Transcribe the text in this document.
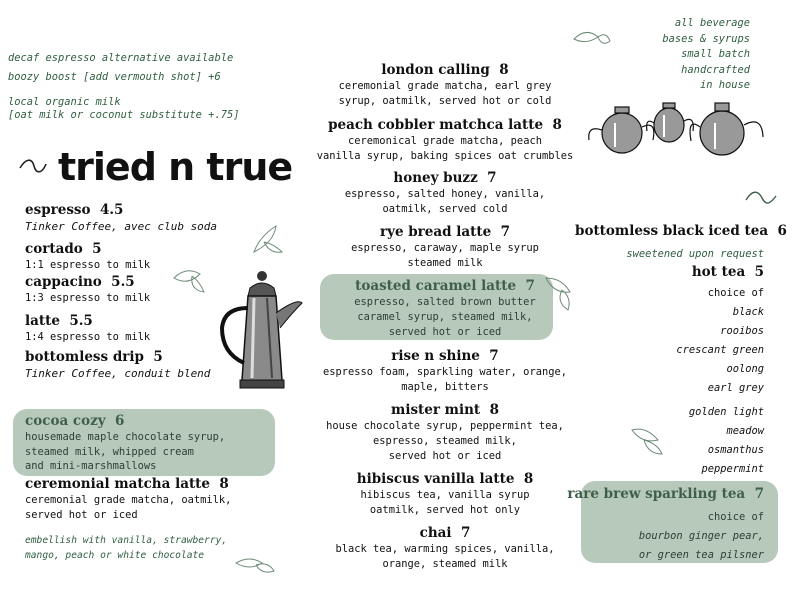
decaf espresso alternative available
boozy boost [add vermouth shot] +6
local organic milk
[oat milk or coconut substitute +.75]
all beverage
bases & syrups
small batch
handcrafted
in house
tried n true
espresso 4.5
Tinker Coffee, avec club soda
cortado 5
1:1 espresso to milk
cappacino 5.5
1:3 espresso to milk
latte 5.5
1:4 espresso to milk
bottomless drip 5
Tinker Coffee, conduit blend
cocoa cozy 6
housemade maple chocolate syrup,
steamed milk, whipped cream
and mini-marshmallows
ceremonial matcha latte 8
ceremonial grade matcha, oatmilk,
served hot or iced
embellish with vanilla, strawberry,
mango, peach or white chocolate
london calling 8
ceremonial grade matcha, earl grey
syrup, oatmilk, served hot or cold
peach cobbler matchca latte 8
ceremonical grade matcha, peach
vanilla syrup, baking spices oat crumbles
honey buzz 7
espresso, salted honey, vanilla,
oatmilk, served cold
rye bread latte 7
espresso, caraway, maple syrup
steamed milk
toasted caramel latte 7
espresso, salted brown butter
caramel syrup, steamed milk,
served hot or iced
rise n shine 7
espresso foam, sparkling water, orange,
maple, bitters
mister mint 8
house chocolate syrup, peppermint tea,
espresso, steamed milk,
served hot or iced
hibiscus vanilla latte 8
hibiscus tea, vanilla syrup
oatmilk, served hot only
chai 7
black tea, warming spices, vanilla,
orange, steamed milk
bottomless black iced tea 6
sweetened upon request
hot tea 5
choice of
black
rooibos
crescant green
oolong
earl grey
golden light
meadow
osmanthus
peppermint
rare brew sparkling tea 7
choice of
bourbon ginger pear,
or green tea pilsner
